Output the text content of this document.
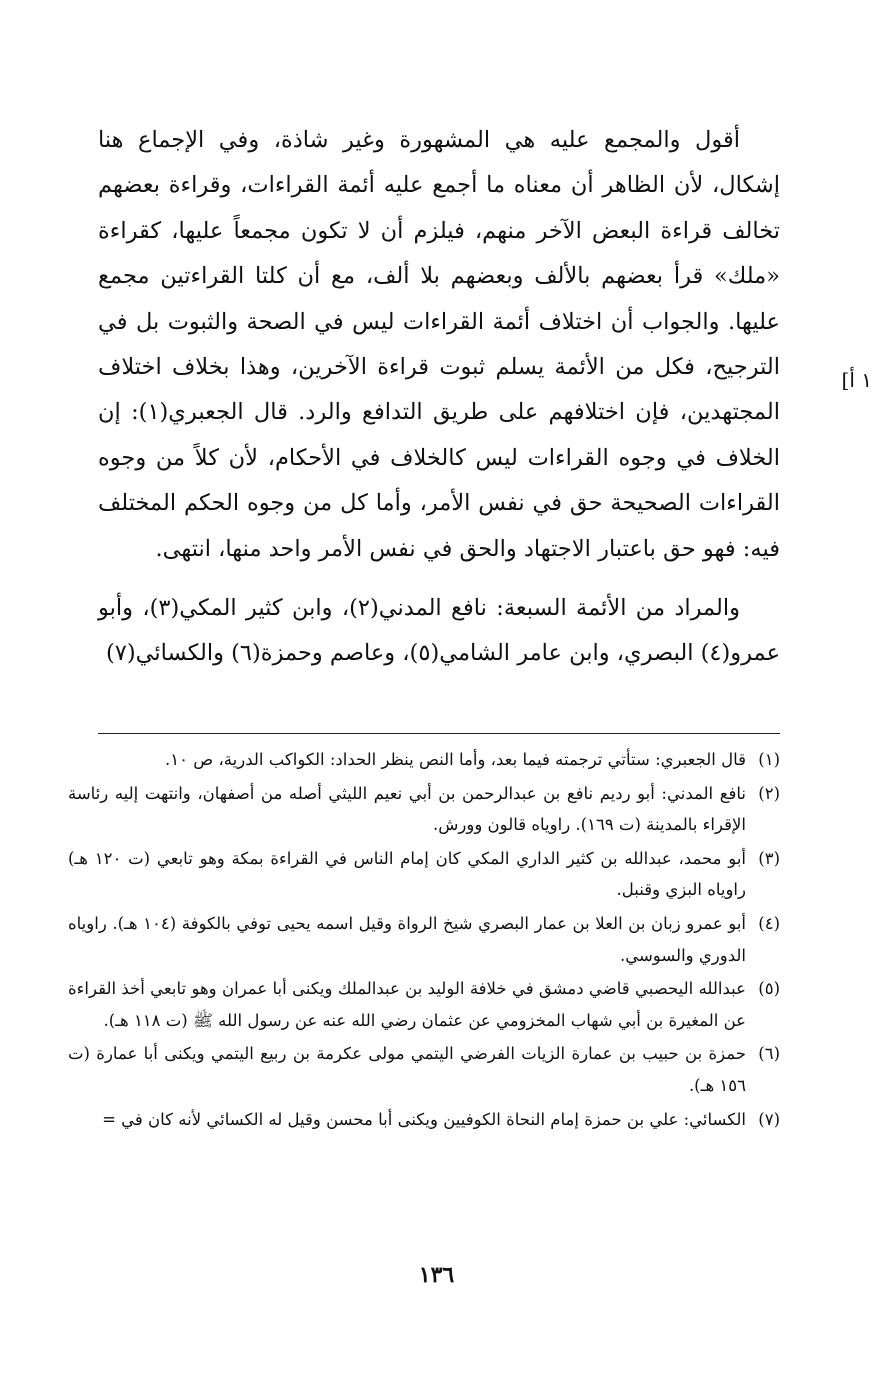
أقول والمجمع عليه هي المشهورة وغير شاذة، وفي الإجماع هنا إشكال، لأن الظاهر أن معناه ما أجمع عليه أئمة القراءات، وقراءة بعضهم تخالف قراءة البعض الآخر منهم، فيلزم أن لا تكون مجمعاً عليها، كقراءة «ملك» قرأ بعضهم بالألف وبعضهم بلا ألف، مع أن كلتا القراءتين مجمع عليها. والجواب أن اختلاف أئمة القراءات ليس في الصحة والثبوت بل في الترجيح، فكل من الأئمة يسلم ثبوت قراءة الآخرين، وهذا بخلاف اختلاف المجتهدين، فإن اختلافهم على طريق التدافع والرد. قال الجعبري(١): إن الخلاف في وجوه القراءات ليس كالخلاف في الأحكام، لأن كلاً من وجوه القراءات الصحيحة حق في نفس الأمر، وأما كل من وجوه الحكم المختلف فيه: فهو حق باعتبار الاجتهاد والحق في نفس الأمر واحد منها، انتهى.

والمراد من الأئمة السبعة: نافع المدني(٢)، وابن كثير المكي(٣)، وأبو عمرو(٤) البصري، وابن عامر الشامي(٥)، وعاصم وحمزة(٦) والكسائي(٧)

١ أ]
(١)
قال الجعبري: ستأتي ترجمته فيما بعد، وأما النص ينظر الحداد: الكواكب الدرية، ص ١٠.
(٢)
نافع المدني: أبو رديم نافع بن عبدالرحمن بن أبي نعيم الليثي أصله من أصفهان، وانتهت إليه رئاسة الإقراء بالمدينة (ت ١٦٩). راوياه قالون وورش.
(٣)
أبو محمد، عبدالله بن كثير الداري المكي كان إمام الناس في القراءة بمكة وهو تابعي (ت ١٢٠ هـ) راوياه البزي وقنبل.
(٤)
أبو عمرو زبان بن العلا بن عمار البصري شيخ الرواة وقيل اسمه يحيى توفي بالكوفة (١٠٤ هـ). راوياه الدوري والسوسي.
(٥)
عبدالله اليحصبي قاضي دمشق في خلافة الوليد بن عبدالملك ويكنى أبا عمران وهو تابعي أخذ القراءة عن المغيرة بن أبي شهاب المخزومي عن عثمان رضي الله عنه عن رسول الله ﷺ (ت ١١٨ هـ).
(٦)
حمزة بن حبيب بن عمارة الزيات الفرضي اليتمي مولى عكرمة بن ربيع اليتمي ويكنى أبا عمارة (ت ١٥٦ هـ).
(٧)
الكسائي: علي بن حمزة إمام النحاة الكوفيين ويكنى أبا محسن وقيل له الكسائي لأنه كان في =
١٣٦
